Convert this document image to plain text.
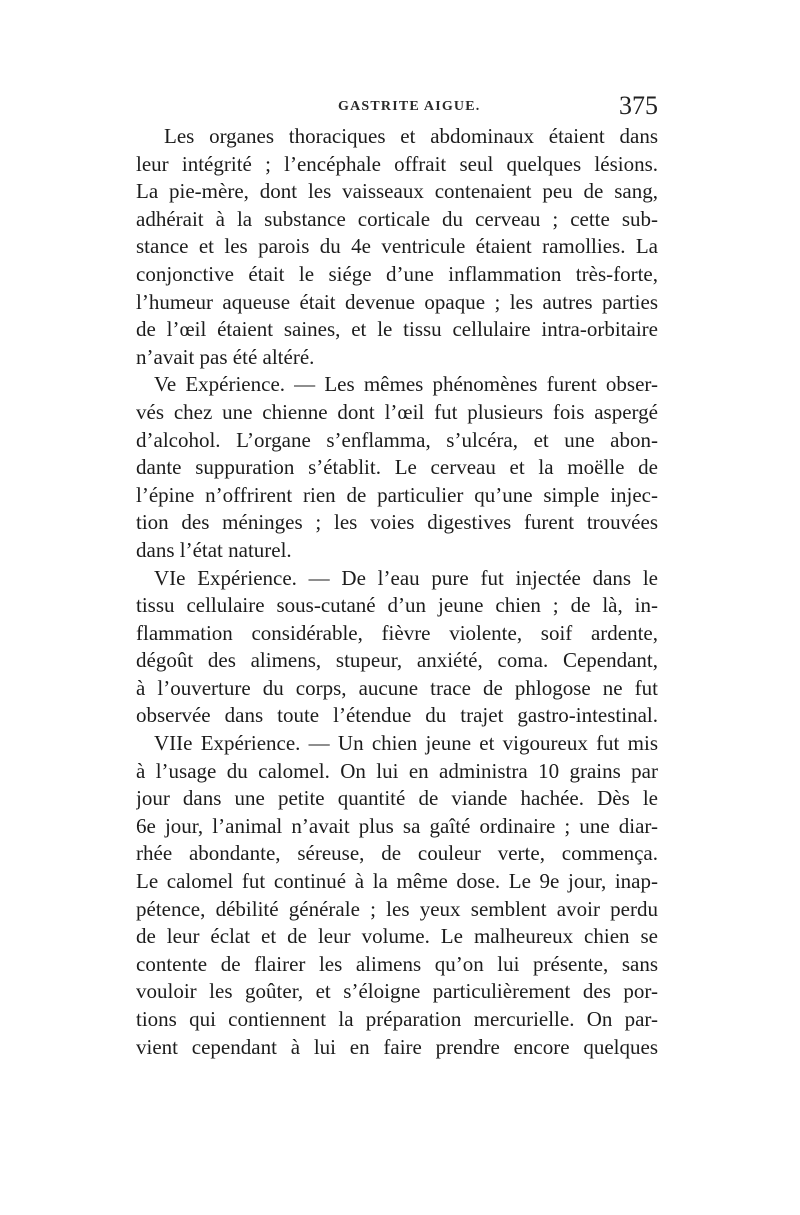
GASTRITE AIGUE.	375
Les organes thoraciques et abdominaux étaient dans
leur intégrité ; l’encéphale offrait seul quelques lésions.
La pie-mère, dont les vaisseaux contenaient peu de sang,
adhérait à la substance corticale du cerveau ; cette sub-
stance et les parois du 4e ventricule étaient ramollies. La
conjonctive était le siége d’une inflammation très-forte,
l’humeur aqueuse était devenue opaque ; les autres parties
de l’œil étaient saines, et le tissu cellulaire intra-orbitaire
n’avait pas été altéré.
Ve Expérience. — Les mêmes phénomènes furent obser-
vés chez une chienne dont l’œil fut plusieurs fois aspergé
d’alcohol. L’organe s’enflamma, s’ulcéra, et une abon-
dante suppuration s’établit. Le cerveau et la moëlle de
l’épine n’offrirent rien de particulier qu’une simple injec-
tion des méninges ; les voies digestives furent trouvées
dans l’état naturel.
VIe Expérience. — De l’eau pure fut injectée dans le
tissu cellulaire sous-cutané d’un jeune chien ; de là, in-
flammation considérable, fièvre violente, soif ardente,
dégoût des alimens, stupeur, anxiété, coma. Cependant,
à l’ouverture du corps, aucune trace de phlogose ne fut
observée dans toute l’étendue du trajet gastro-intestinal.
VIIe Expérience. — Un chien jeune et vigoureux fut mis
à l’usage du calomel. On lui en administra 10 grains par
jour dans une petite quantité de viande hachée. Dès le
6e jour, l’animal n’avait plus sa gaîté ordinaire ; une diar-
rhée abondante, séreuse, de couleur verte, commença.
Le calomel fut continué à la même dose. Le 9e jour, inap-
pétence, débilité générale ; les yeux semblent avoir perdu
de leur éclat et de leur volume. Le malheureux chien se
contente de flairer les alimens qu’on lui présente, sans
vouloir les goûter, et s’éloigne particulièrement des por-
tions qui contiennent la préparation mercurielle. On par-
vient cependant à lui en faire prendre encore quelques
